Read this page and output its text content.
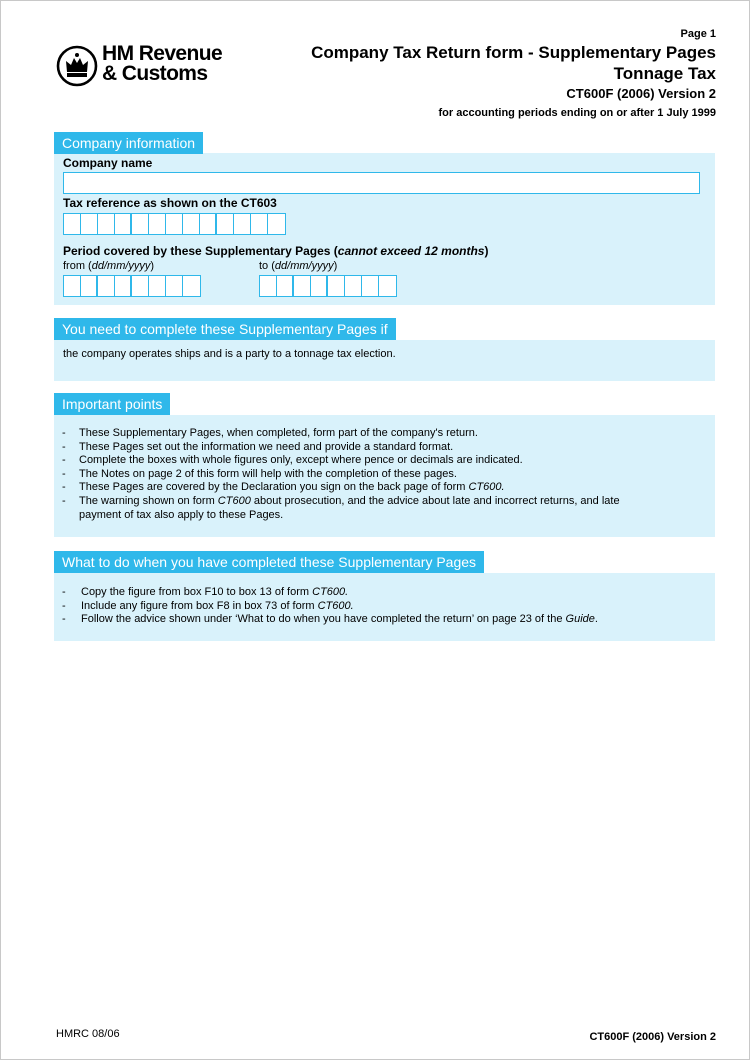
HM Revenue
& Customs
Page 1
Company Tax Return form - Supplementary Pages
Tonnage Tax
CT600F (2006) Version 2
for accounting periods ending on or after 1 July 1999
Company information
Company name
Tax reference as shown on the CT603
Period covered by these Supplementary Pages (cannot exceed 12 months)
from (dd/mm/yyyy)	to (dd/mm/yyyy)
You need to complete these Supplementary Pages if
the company operates ships and is a party to a tonnage tax election.
Important points
- These Supplementary Pages, when completed, form part of the company's return.
- These Pages set out the information we need and provide a standard format.
- Complete the boxes with whole figures only, except where pence or decimals are indicated.
- The Notes on page 2 of this form will help with the completion of these pages.
- These Pages are covered by the Declaration you sign on the back page of form CT600.
- The warning shown on form CT600 about prosecution, and the advice about late and incorrect returns, and late
payment of tax also apply to these Pages.
What to do when you have completed these Supplementary Pages
- Copy the figure from box F10 to box 13 of form CT600.
- Include any figure from box F8 in box 73 of form CT600.
- Follow the advice shown under ‘What to do when you have completed the return’ on page 23 of the Guide.
HMRC 08/06	CT600F (2006) Version 2
